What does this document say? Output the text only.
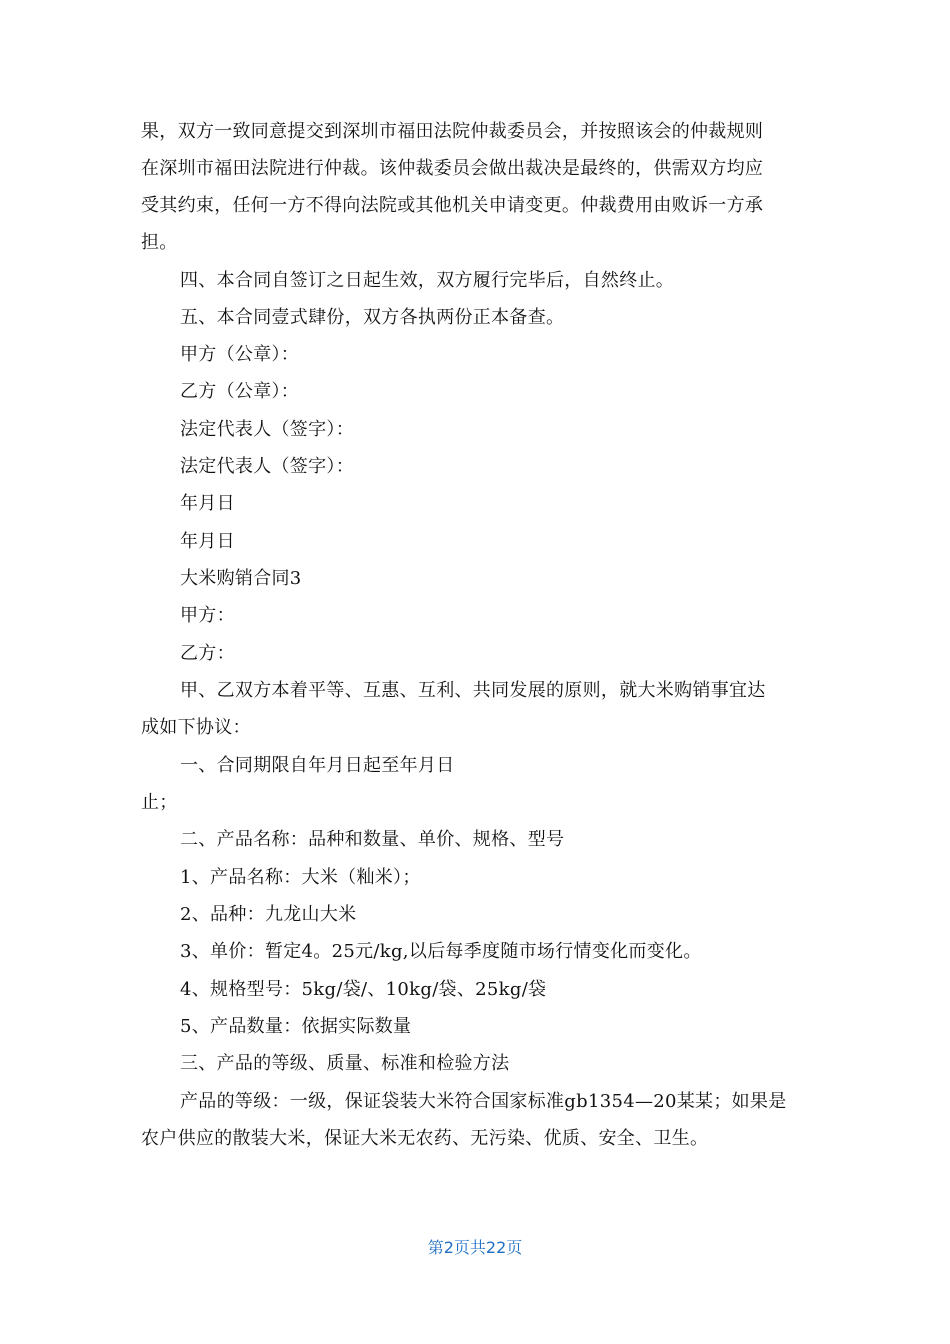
果，双方一致同意提交到深圳市福田法院仲裁委员会，并按照该会的仲裁规则
在深圳市福田法院进行仲裁。该仲裁委员会做出裁决是最终的，供需双方均应
受其约束，任何一方不得向法院或其他机关申请变更。仲裁费用由败诉一方承
担。
四、本合同自签订之日起生效，双方履行完毕后，自然终止。
五、本合同壹式肆份，双方各执两份正本备查。
甲方（公章）：
乙方（公章）：
法定代表人（签字）：
法定代表人（签字）：
年月日
年月日
大米购销合同3
甲方：
乙方：
甲、乙双方本着平等、互惠、互利、共同发展的原则，就大米购销事宜达
成如下协议：
一、合同期限自年月日起至年月日
止；
二、产品名称：品种和数量、单价、规格、型号
1、产品名称：大米（籼米）；
2、品种：九龙山大米
3、单价：暂定4。25元/kg,以后每季度随市场行情变化而变化。
4、规格型号：5kg/袋/、10kg/袋、25kg/袋
5、产品数量：依据实际数量
三、产品的等级、质量、标准和检验方法
产品的等级：一级，保证袋装大米符合国家标准gb1354—20某某；如果是
农户供应的散装大米，保证大米无农药、无污染、优质、安全、卫生。
第2页共22页
